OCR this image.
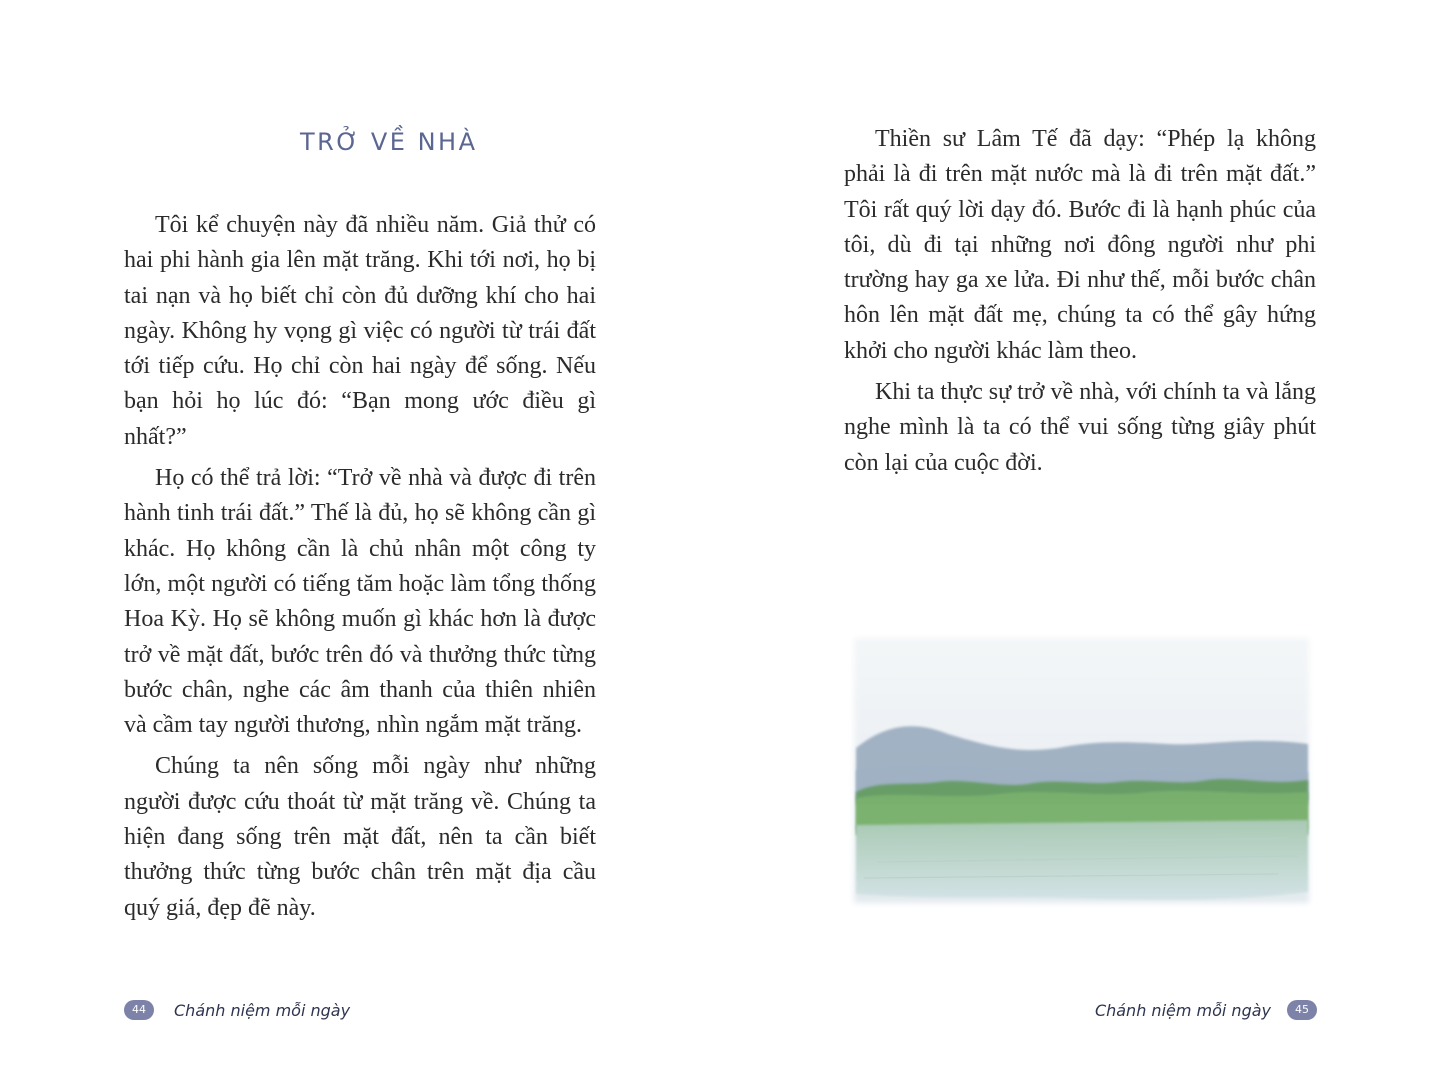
TRỞ VỀ NHÀ

Tôi kể chuyện này đã nhiều năm. Giả thử có hai phi hành gia lên mặt trăng. Khi tới nơi, họ bị tai nạn và họ biết chỉ còn đủ dưỡng khí cho hai ngày. Không hy vọng gì việc có người từ trái đất tới tiếp cứu. Họ chỉ còn hai ngày để sống. Nếu bạn hỏi họ lúc đó: “Bạn mong ước điều gì nhất?”

Họ có thể trả lời: “Trở về nhà và được đi trên hành tinh trái đất.” Thế là đủ, họ sẽ không cần gì khác. Họ không cần là chủ nhân một công ty lớn, một người có tiếng tăm hoặc làm tổng thống Hoa Kỳ. Họ sẽ không muốn gì khác hơn là được trở về mặt đất, bước trên đó và thưởng thức từng bước chân, nghe các âm thanh của thiên nhiên và cầm tay người thương, nhìn ngắm mặt trăng.

Chúng ta nên sống mỗi ngày như những người được cứu thoát từ mặt trăng về. Chúng ta hiện đang sống trên mặt đất, nên ta cần biết thưởng thức từng bước chân trên mặt địa cầu quý giá, đẹp đẽ này.

44	Chánh niệm mỗi ngày

Thiền sư Lâm Tế đã dạy: “Phép lạ không phải là đi trên mặt nước mà là đi trên mặt đất.” Tôi rất quý lời dạy đó. Bước đi là hạnh phúc của tôi, dù đi tại những nơi đông người như phi trường hay ga xe lửa. Đi như thế, mỗi bước chân hôn lên mặt đất mẹ, chúng ta có thể gây hứng khởi cho người khác làm theo.

Khi ta thực sự trở về nhà, với chính ta và lắng nghe mình là ta có thể vui sống từng giây phút còn lại của cuộc đời.

Chánh niệm mỗi ngày	45
